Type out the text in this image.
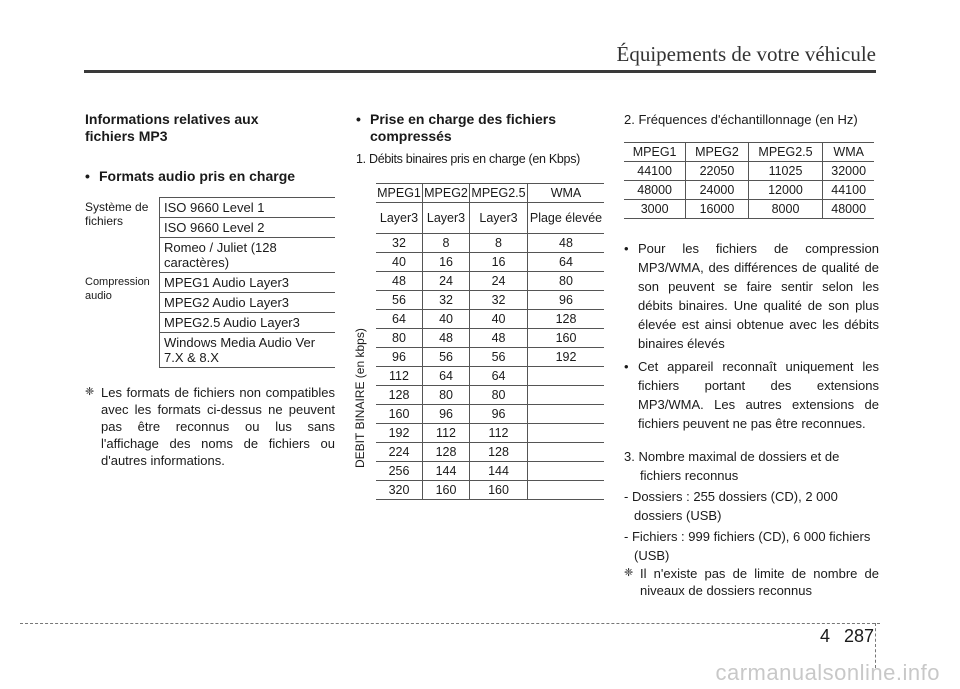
Équipements de votre véhicule
Informations relatives aux fichiers MP3
• Formats audio pris en charge
Système de fichiers	ISO 9660 Level 1
	ISO 9660 Level 2
	Romeo / Juliet (128 caractères)
Compression audio	MPEG1 Audio Layer3
	MPEG2 Audio Layer3
	MPEG2.5 Audio Layer3
	Windows Media Audio Ver 7.X & 8.X
❈ Les formats de fichiers non compatibles avec les formats ci-dessus ne peuvent pas être reconnus ou lus sans l'affichage des noms de fichiers ou d'autres informations.
• Prise en charge des fichiers compressés
1. Débits binaires pris en charge (en Kbps)
DEBIT BINAIRE (en kbps)
MPEG1	MPEG2	MPEG2.5	WMA
Layer3	Layer3	Layer3	Plage élevée
32	8	8	48
40	16	16	64
48	24	24	80
56	32	32	96
64	40	40	128
80	48	48	160
96	56	56	192
112	64	64	
128	80	80	
160	96	96	
192	112	112	
224	128	128	
256	144	144	
320	160	160	
2. Fréquences d'échantillonnage (en Hz)
MPEG1	MPEG2	MPEG2.5	WMA
44100	22050	11025	32000
48000	24000	12000	44100
3000	16000	8000	48000
• Pour les fichiers de compression MP3/WMA, des différences de qualité de son peuvent se faire sentir selon les débits binaires. Une qualité de son plus élevée est ainsi obtenue avec les débits binaires élevés
• Cet appareil reconnaît uniquement les fichiers portant des extensions MP3/WMA. Les autres extensions de fichiers peuvent ne pas être reconnues.
3. Nombre maximal de dossiers et de fichiers reconnus
- Dossiers : 255 dossiers (CD), 2 000 dossiers (USB)
- Fichiers : 999 fichiers (CD), 6 000 fichiers (USB)
❈ Il n'existe pas de limite de nombre de niveaux de dossiers reconnus
4 287
carmanualsonline.info
